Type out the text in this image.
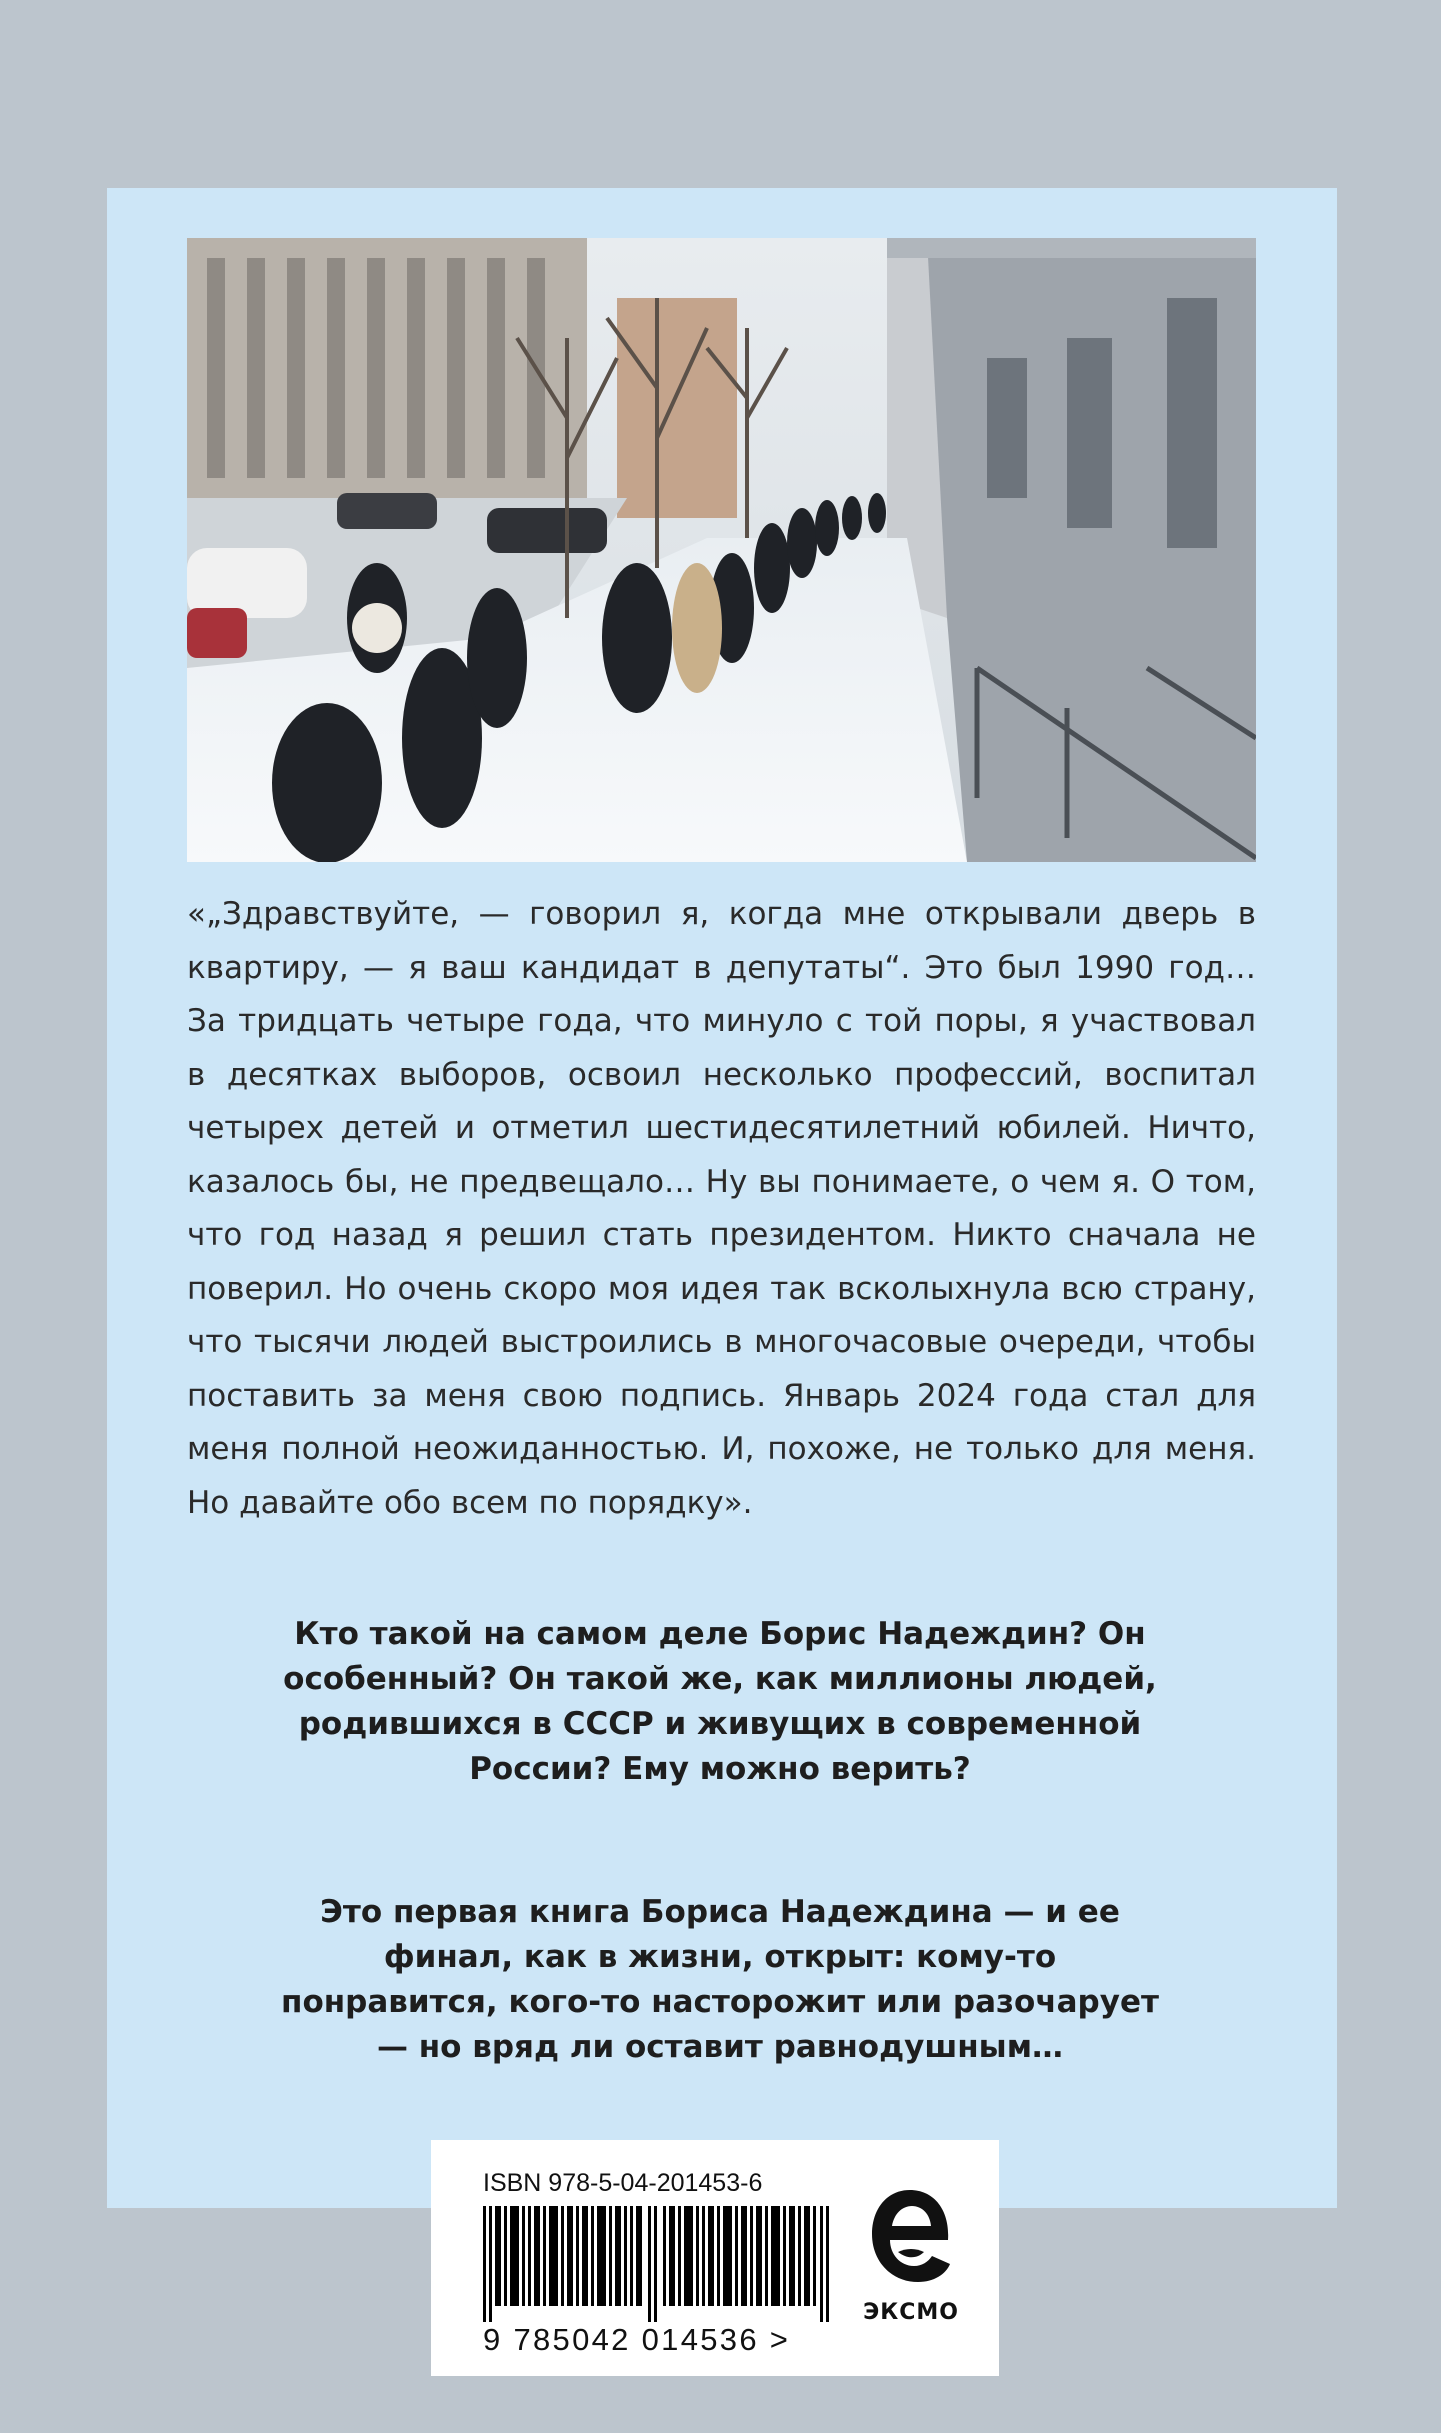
«„Здравствуйте, — говорил я, когда мне открывали дверь в квартиру, — я ваш кандидат в депутаты“. Это был 1990 год… За тридцать четыре года, что минуло с той поры, я участвовал в десятках выборов, освоил несколько профессий, воспитал четырех детей и отметил шестидесятилетний юбилей. Ничто, казалось бы, не предвещало… Ну вы понимаете, о чем я. О том, что год назад я решил стать президентом. Никто сначала не поверил. Но очень скоро моя идея так всколыхнула всю страну, что тысячи людей выстроились в многочасовые очереди, чтобы поставить за меня свою подпись. Январь 2024 года стал для меня полной неожиданностью. И, похоже, не только для меня. Но давайте обо всем по порядку».

Кто такой на самом деле Борис Надеждин? Он особенный? Он такой же, как миллионы людей, родившихся в СССР и живущих в современной России? Ему можно верить?

Это первая книга Бориса Надеждина — и ее финал, как в жизни, открыт: кому-то понравится, кого-то насторожит или разочарует — но вряд ли оставит равнодушным…

ISBN 978-5-04-201453-6
9 785042 014536 >
ЭКСМО
